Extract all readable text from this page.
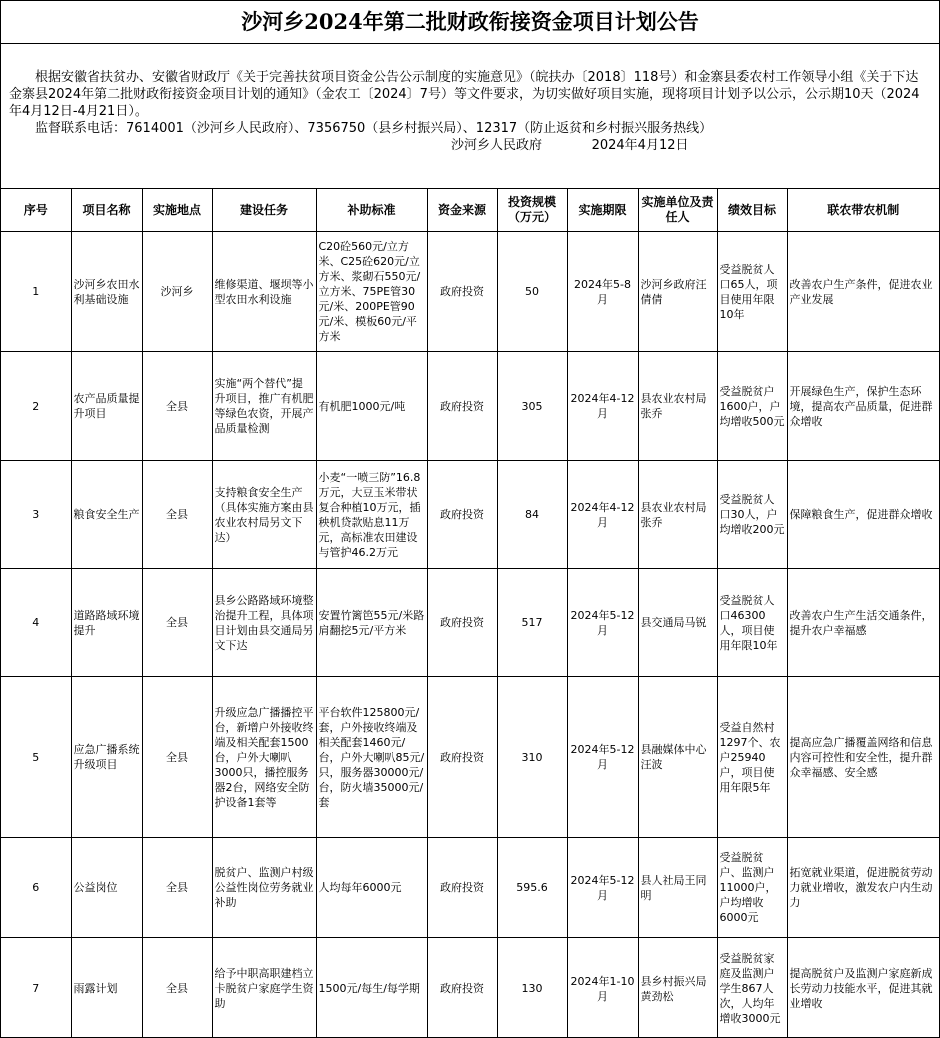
沙河乡2024年第二批财政衔接资金项目计划公告
根据安徽省扶贫办、安徽省财政厅《关于完善扶贫项目资金公告公示制度的实施意见》（皖扶办〔2018〕118号）和金寨县委农村工作领导小组《关于下达金寨县2024年第二批财政衔接资金项目计划的通知》（金农工〔2024〕7号）等文件要求，为切实做好项目实施，现将项目计划予以公示，公示期10天（2024年4月12日-4月21日）。
监督联系电话：7614001（沙河乡人民政府）、7356750（县乡村振兴局）、12317（防止返贫和乡村振兴服务热线）
沙河乡人民政府            2024年4月12日
序号	项目名称	实施地点	建设任务	补助标准	资金来源	投资规模（万元）	实施期限	实施单位及责任人	绩效目标	联农带农机制
1	沙河乡农田水利基础设施	沙河乡	维修渠道、堰坝等小型农田水利设施	C20砼560元/立方米、C25砼620元/立方米、浆砌石550元/立方米、75PE管30元/米、200PE管90元/米、模板60元/平方米	政府投资	50	2024年5-8月	沙河乡政府汪倩倩	受益脱贫人口65人，项目使用年限10年	改善农户生产条件，促进农业产业发展
2	农产品质量提升项目	全县	实施“两个替代”提升项目，推广有机肥等绿色农资，开展产品质量检测	有机肥1000元/吨	政府投资	305	2024年4-12月	县农业农村局张乔	受益脱贫户1600户，户均增收500元	开展绿色生产，保护生态环境，提高农产品质量，促进群众增收
3	粮食安全生产	全县	支持粮食安全生产（具体实施方案由县农业农村局另文下达）	小麦“一喷三防”16.8万元，大豆玉米带状复合种植10万元，插秧机贷款贴息11万元，高标准农田建设与管护46.2万元	政府投资	84	2024年4-12月	县农业农村局张乔	受益脱贫人口30人，户均增收200元	保障粮食生产，促进群众增收
4	道路路域环境提升	全县	县乡公路路域环境整治提升工程，具体项目计划由县交通局另文下达	安置竹篱笆55元/米路肩翻挖5元/平方米	政府投资	517	2024年5-12月	县交通局马锐	受益脱贫人口46300人，项目使用年限10年	改善农户生产生活交通条件，提升农户幸福感
5	应急广播系统升级项目	全县	升级应急广播播控平台，新增户外接收终端及相关配套1500台，户外大喇叭3000只，播控服务器2台，网络安全防护设备1套等	平台软件125800元/套，户外接收终端及相关配套1460元/台，户外大喇叭85元/只，服务器30000元/台，防火墙35000元/套	政府投资	310	2024年5-12月	县融媒体中心汪波	受益自然村1297个、农户25940户，项目使用年限5年	提高应急广播覆盖网络和信息内容可控性和安全性，提升群众幸福感、安全感
6	公益岗位	全县	脱贫户、监测户村级公益性岗位劳务就业补助	人均每年6000元	政府投资	595.6	2024年5-12月	县人社局王同明	受益脱贫户、监测户11000户，户均增收6000元	拓宽就业渠道，促进脱贫劳动力就业增收，激发农户内生动力
7	雨露计划	全县	给予中职高职建档立卡脱贫户家庭学生资助	1500元/每生/每学期	政府投资	130	2024年1-10月	县乡村振兴局黄劲松	受益脱贫家庭及监测户学生867人次，人均年增收3000元	提高脱贫户及监测户家庭新成长劳动力技能水平，促进其就业增收
